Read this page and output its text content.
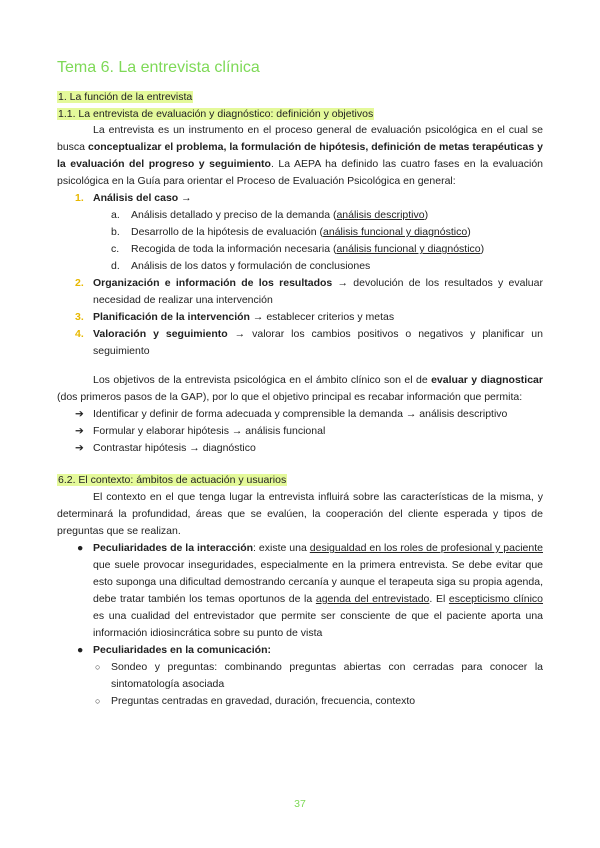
Tema 6. La entrevista clínica
1. La función de la entrevista
1.1. La entrevista de evaluación y diagnóstico: definición y objetivos

La entrevista es un instrumento en el proceso general de evaluación psicológica en el cual se busca conceptualizar el problema, la formulación de hipótesis, definición de metas terapéuticas y la evaluación del progreso y seguimiento. La AEPA ha definido las cuatro fases en la evaluación psicológica en la Guía para orientar el Proceso de Evaluación Psicológica en general:

1. Análisis del caso →
a. Análisis detallado y preciso de la demanda (análisis descriptivo)
b. Desarrollo de la hipótesis de evaluación (análisis funcional y diagnóstico)
c. Recogida de toda la información necesaria (análisis funcional y diagnóstico)
d. Análisis de los datos y formulación de conclusiones
2. Organización e información de los resultados → devolución de los resultados y evaluar necesidad de realizar una intervención

3. Planificación de la intervención → establecer criterios y metas

4. Valoración y seguimiento → valorar los cambios positivos o negativos y planificar un seguimiento

Los objetivos de la entrevista psicológica en el ámbito clínico son el de evaluar y diagnosticar (dos primeros pasos de la GAP), por lo que el objetivo principal es recabar información que permita:

➔ Identificar y definir de forma adecuada y comprensible la demanda → análisis descriptivo
➔ Formular y elaborar hipótesis → análisis funcional
➔ Contrastar hipótesis → diagnóstico
6.2. El contexto: ámbitos de actuación y usuarios

El contexto en el que tenga lugar la entrevista influirá sobre las características de la misma, y determinará la profundidad, áreas que se evalúen, la cooperación del cliente esperada y tipos de preguntas que se realizan.

● Peculiaridades de la interacción: existe una desigualdad en los roles de profesional y paciente que suele provocar inseguridades, especialmente en la primera entrevista. Se debe evitar que esto suponga una dificultad demostrando cercanía y aunque el terapeuta siga su propia agenda, debe tratar también los temas oportunos de la agenda del entrevistado. El escepticismo clínico es una cualidad del entrevistador que permite ser consciente de que el paciente aporta una información idiosincrática sobre su punto de vista

● Peculiaridades en la comunicación:
○ Sondeo y preguntas: combinando preguntas abiertas con cerradas para conocer la sintomatología asociada

○ Preguntas centradas en gravedad, duración, frecuencia, contexto

37
